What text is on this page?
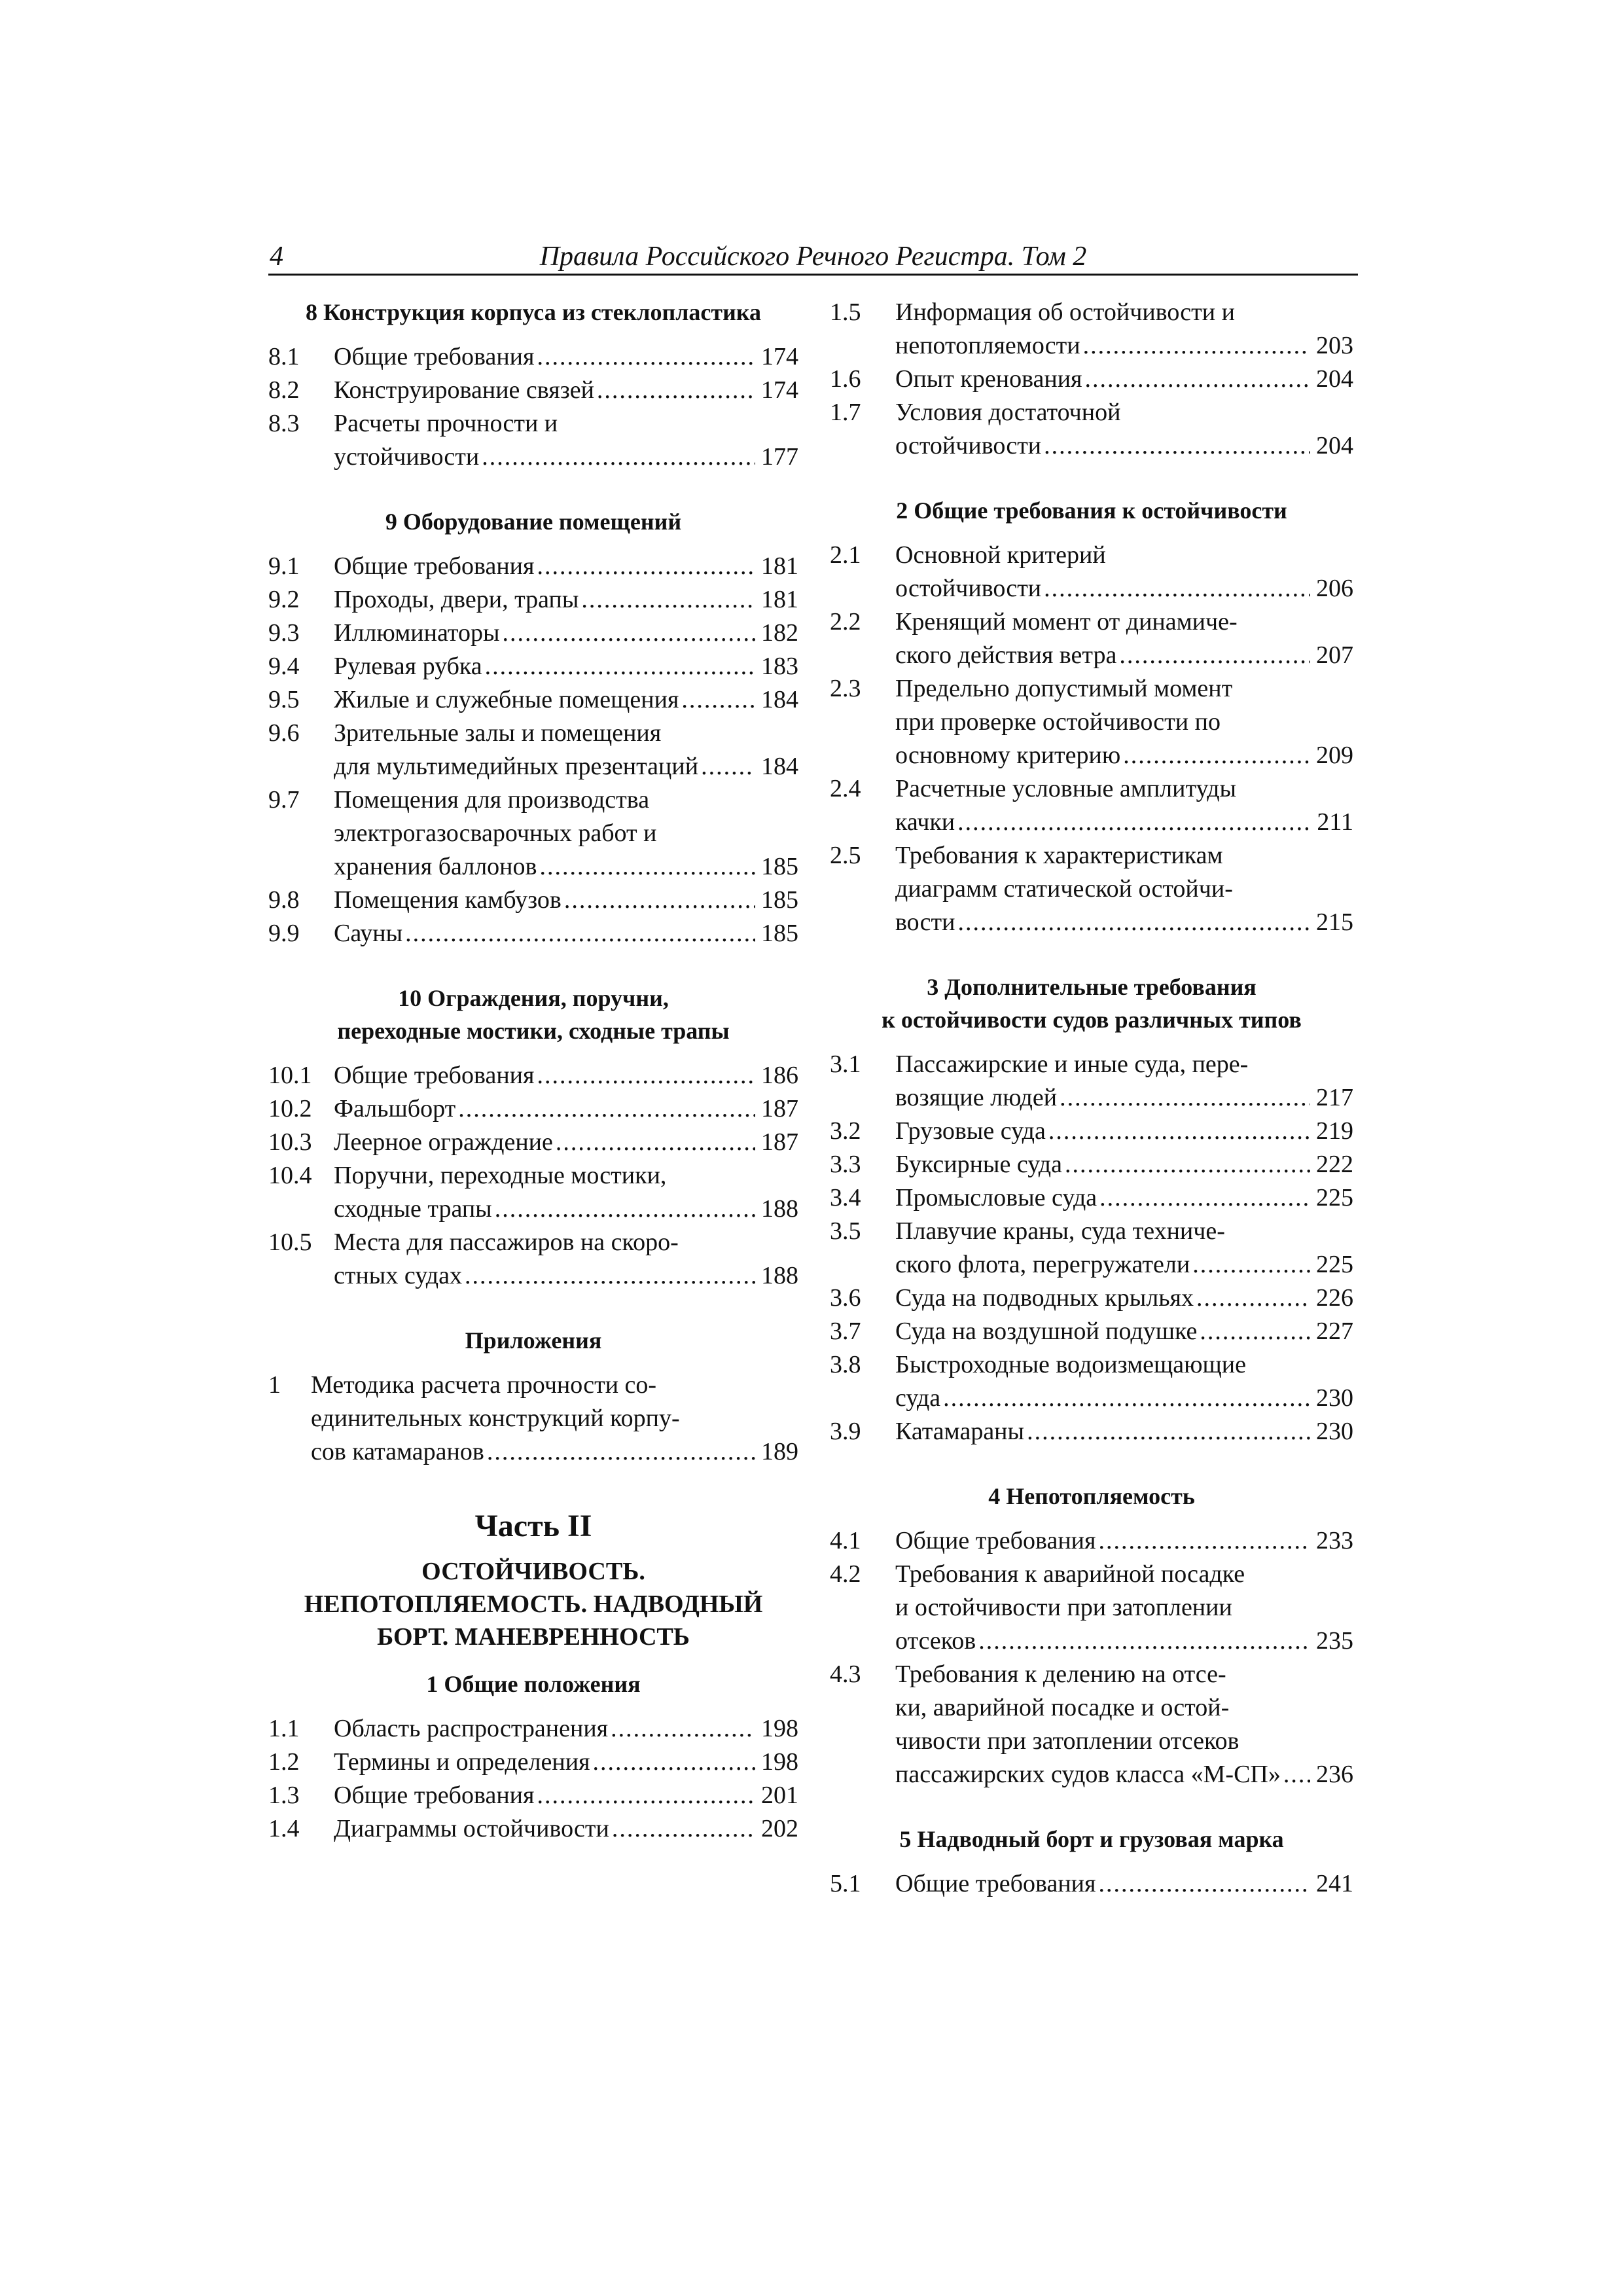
4	Правила Российского Речного Регистра. Том 2
8 Конструкция корпуса из стеклопластика
8.1	Общие требования .....	174
8.2	Конструирование связей .....	174
8.3	Расчеты прочности и
устойчивости .....	177
9 Оборудование помещений
9.1	Общие требования .....	181
9.2	Проходы, двери, трапы .....	181
9.3	Иллюминаторы .....	182
9.4	Рулевая рубка .....	183
9.5	Жилые и служебные помещения .....	184
9.6	Зрительные залы и помещения
для мультимедийных презентаций .....	184
9.7	Помещения для производства
электрогазосварочных работ и
хранения баллонов .....	185
9.8	Помещения камбузов .....	185
9.9	Сауны .....	185
10 Ограждения, поручни,
переходные мостики, сходные трапы
10.1 Общие требования .....	186
10.2 Фальшборт .....	187
10.3 Леерное ограждение .....	187
10.4 Поручни, переходные мостики,
сходные трапы .....	188
10.5 Места для пассажиров на скоро-
стных судах .....	188
Приложения
1	Методика расчета прочности со-
единительных конструкций корпу-
сов катамаранов .....	189
Часть II
ОСТОЙЧИВОСТЬ.
НЕПОТОПЛЯЕМОСТЬ. НАДВОДНЫЙ
БОРТ. МАНЕВРЕННОСТЬ
1 Общие положения
1.1	Область распространения .....	198
1.2	Термины и определения .....	198
1.3	Общие требования .....	201
1.4	Диаграммы остойчивости .....	202
1.5	Информация об остойчивости и
непотопляемости .....	203
1.6	Опыт кренования .....	204
1.7	Условия достаточной
остойчивости .....	204
2 Общие требования к остойчивости
2.1	Основной критерий
остойчивости .....	206
2.2	Кренящий момент от динамиче-
ского действия ветра .....	207
2.3	Предельно допустимый момент
при проверке остойчивости по
основному критерию .....	209
2.4	Расчетные условные амплитуды
качки .....	211
2.5	Требования к характеристикам
диаграмм статической остойчи-
вости .....	215
3 Дополнительные требования
к остойчивости судов различных типов
3.1	Пассажирские и иные суда, пере-
возящие людей .....	217
3.2	Грузовые суда .....	219
3.3	Буксирные суда .....	222
3.4	Промысловые суда .....	225
3.5	Плавучие краны, суда техниче-
ского флота, перегружатели .....	225
3.6	Суда на подводных крыльях .....	226
3.7	Суда на воздушной подушке .....	227
3.8	Быстроходные водоизмещающие
суда .....	230
3.9	Катамараны .....	230
4 Непотопляемость
4.1	Общие требования .....	233
4.2	Требования к аварийной посадке
и остойчивости при затоплении
отсеков .....	235
4.3	Требования к делению на отсе-
ки, аварийной посадке и остой-
чивости при затоплении отсеков
пассажирских судов класса «М-СП» ..... 236
5 Надводный борт и грузовая марка
5.1	Общие требования .....	241
